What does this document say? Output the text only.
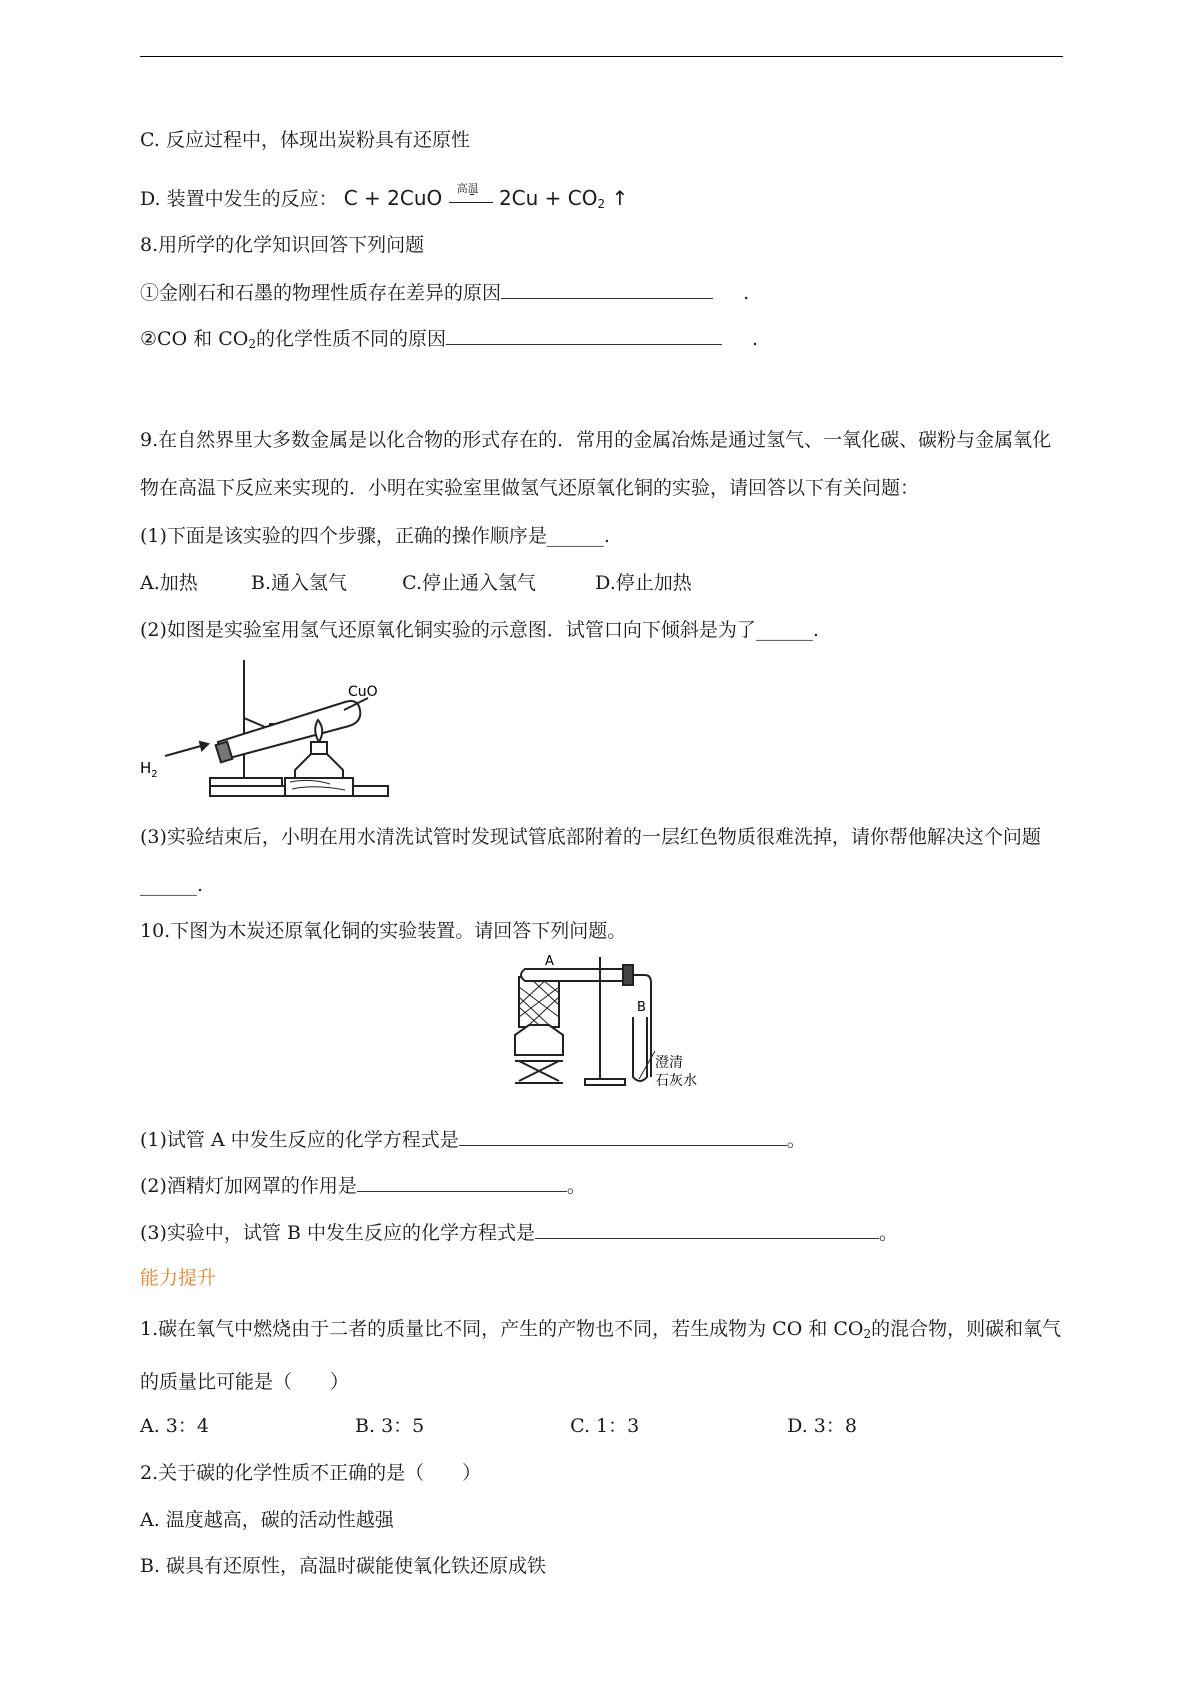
C. 反应过程中，体现出炭粉具有还原性
D. 装置中发生的反应： C + 2CuO 高温 $2Cu + CO_2$ ↑
8.用所学的化学知识回答下列问题
①金刚石和石墨的物理性质存在差异的原因	.
②CO 和 $CO_2$的化学性质不同的原因	.
9.在自然界里大多数金属是以化合物的形式存在的．常用的金属冶炼是通过氢气、一氧化碳、碳粉与金属氧化物在高温下反应来实现的．小明在实验室里做氢气还原氧化铜的实验，请回答以下有关问题：
(1)下面是该实验的四个步骤，正确的操作顺序是______.
A.加热	B.通入氢气	C.停止通入氢气	D.停止加热
(2)如图是实验室用氢气还原氧化铜实验的示意图．试管口向下倾斜是为了______.
$H_2$
CuO
(3)实验结束后，小明在用水清洗试管时发现试管底部附着的一层红色物质很难洗掉，请你帮他解决这个问题______.
10.下图为木炭还原氧化铜的实验装置。请回答下列问题。
A
B
澄清
石灰水
(1)试管 A 中发生反应的化学方程式是	。
(2)酒精灯加网罩的作用是	。
(3)实验中，试管 B 中发生反应的化学方程式是	。
能力提升
1.碳在氧气中燃烧由于二者的质量比不同，产生的产物也不同，若生成物为 CO 和 $CO_2$的混合物，则碳和氧气的质量比可能是（　　）
A. 3：4	B. 3：5	C. 1：3	D. 3：8
2.关于碳的化学性质不正确的是（　　）
A. 温度越高，碳的活动性越强
B. 碳具有还原性，高温时碳能使氧化铁还原成铁
